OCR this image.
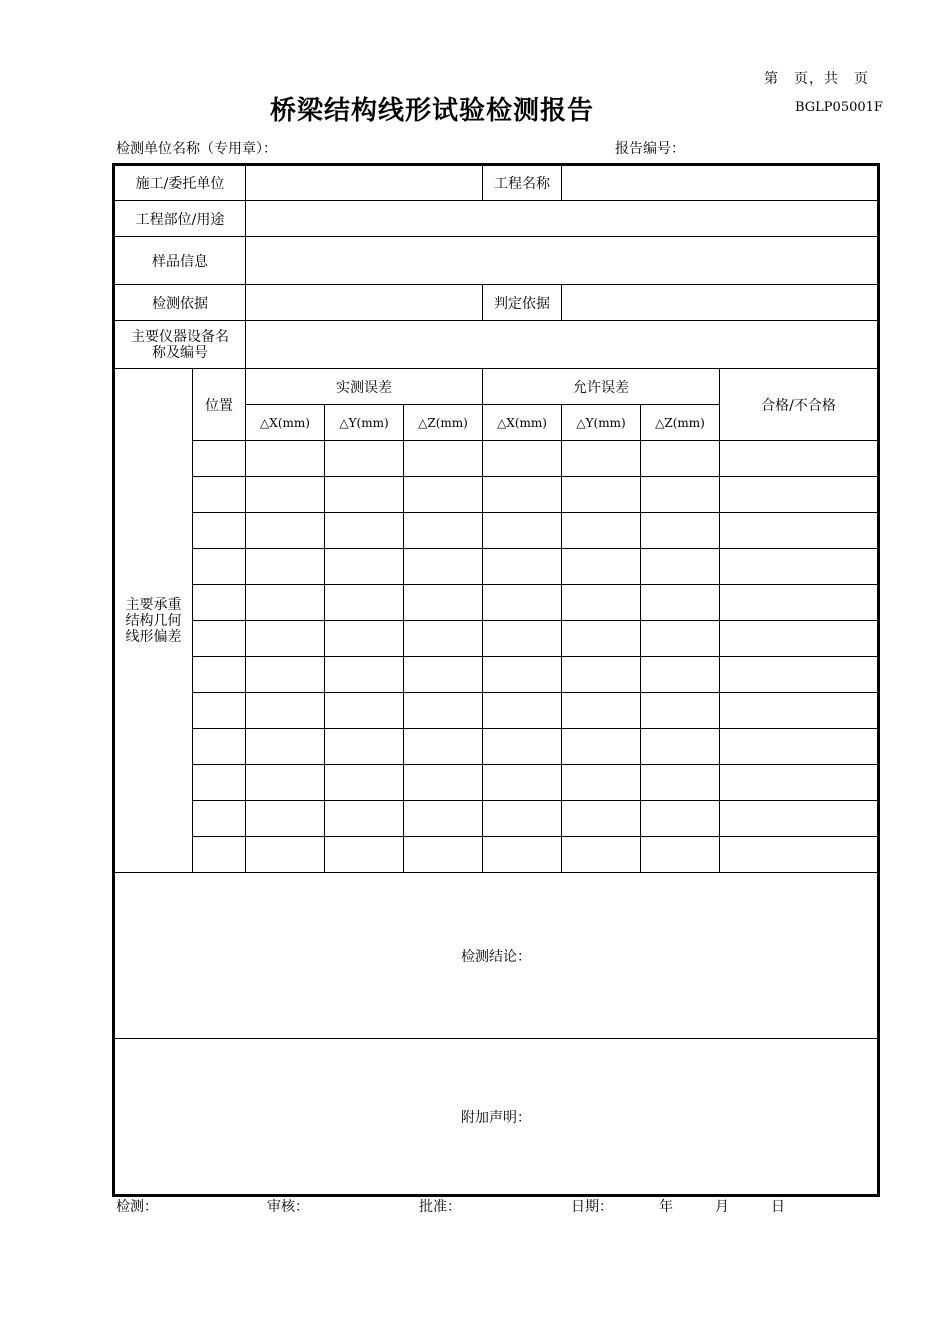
第　页，共　页
桥梁结构线形试验检测报告	BGLP05001F
检测单位名称（专用章）：	报告编号：
施工/委托单位					工程名称			
工程部位/用途								
样品信息								
检测依据					判定依据			
主要仪器设备名称及编号								
主要承重结构几何线形偏差	位置	实测误差			允许误差			合格/不合格
		△X(mm)	△Y(mm)	△Z(mm)	△X(mm)	△Y(mm)	△Z(mm)	

检测结论：								
附加声明：								
检测：	审核：	批准：	日期：	年	月	日
